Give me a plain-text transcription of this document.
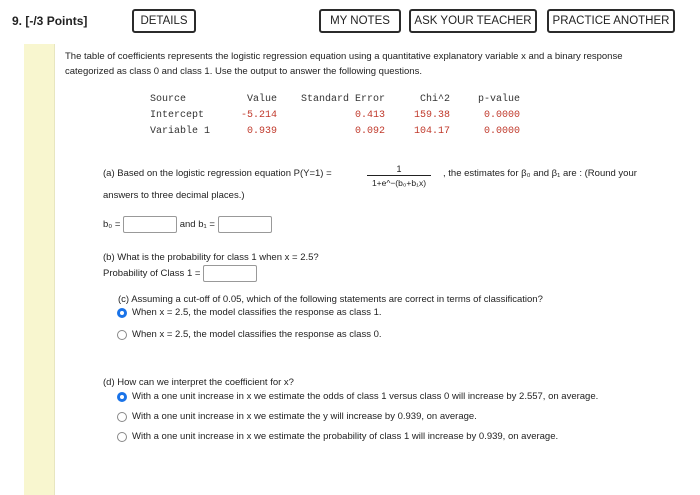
9. [-/3 Points]	DETAILS	MY NOTES	ASK YOUR TEACHER	PRACTICE ANOTHER
The table of coefficients represents the logistic regression equation using a quantitative explanatory variable x and a binary response categorized as class 0 and class 1. Use the output to answer the following questions.
Source	Value	Standard Error	Chi^2	p-value
Intercept	-5.214	0.413	159.38	0.0000
Variable 1	0.939	0.092	104.17	0.0000
(a) Based on the logistic regression equation P(Y=1) =	$\frac{1}{\text{1+e\textasciicircum{}−(b₀+b₁x)}}$ , the estimates for β₀ and β₁ are : (Round your
answers to three decimal places.)
b₀ =	and b₁ =
(b) What is the probability for class 1 when x = 2.5?
Probability of Class 1 =
(c) Assuming a cut-off of 0.05, which of the following statements are correct in terms of classification?
When x = 2.5, the model classifies the response as class 1.
When x = 2.5, the model classifies the response as class 0.
(d) How can we interpret the coefficient for x?
With a one unit increase in x we estimate the odds of class 1 versus class 0 will increase by 2.557, on average.
With a one unit increase in x we estimate the y will increase by 0.939, on average.
With a one unit increase in x we estimate the probability of class 1 will increase by 0.939, on average.
